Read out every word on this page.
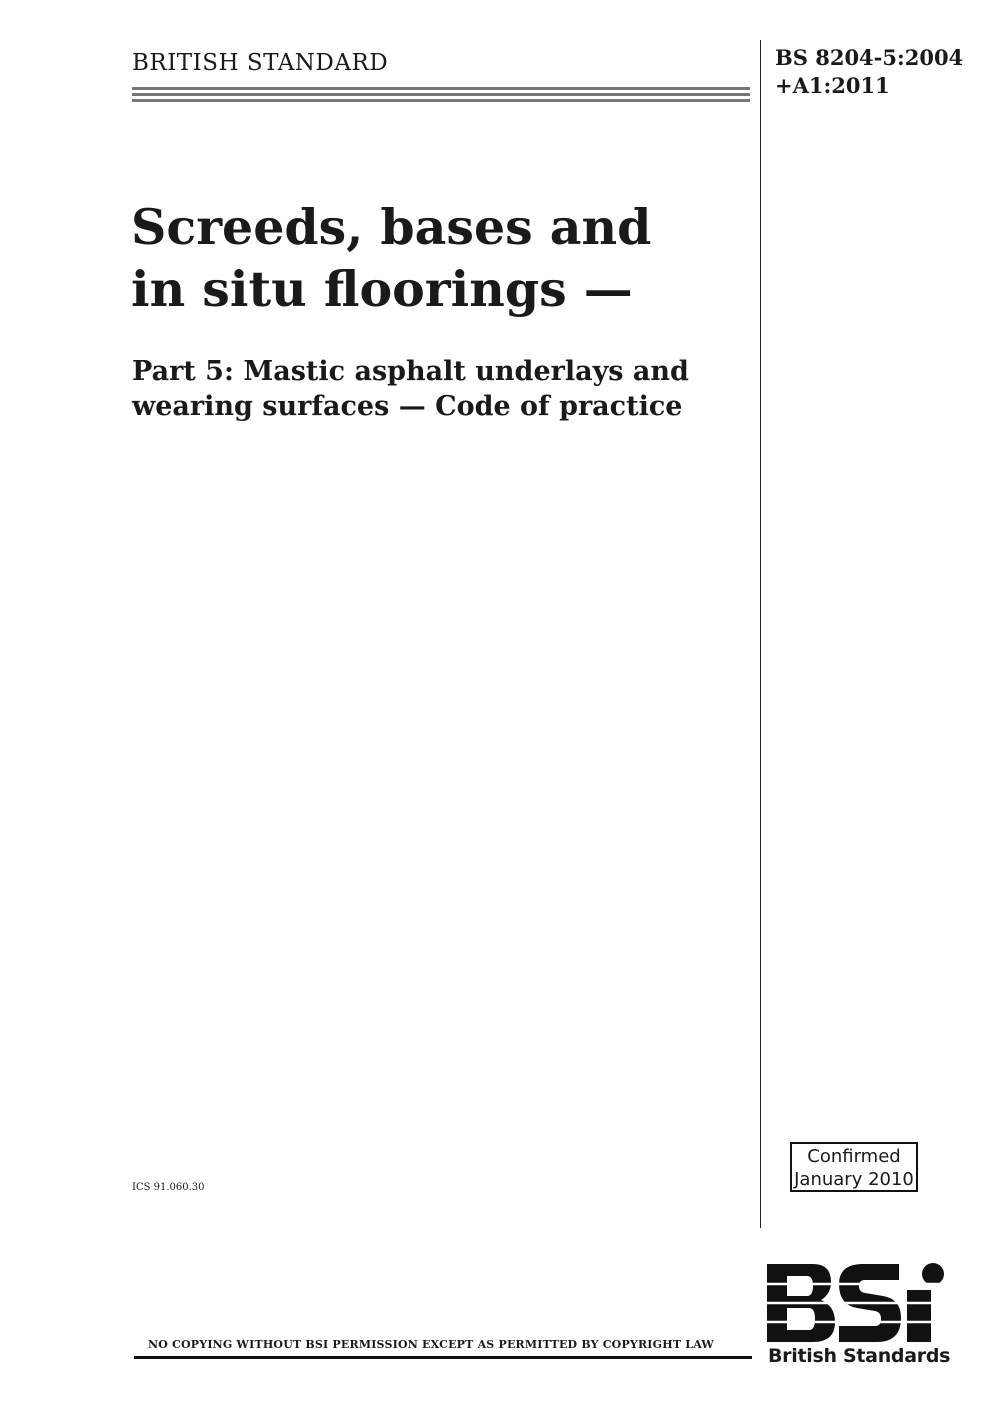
BRITISH STANDARD	BS 8204-5:2004
+A1:2011
Screeds, bases and
in situ floorings —
Part 5: Mastic asphalt underlays and
wearing surfaces — Code of practice
ICS 91.060.30
Confirmed
January 2010
British Standards
NO COPYING WITHOUT BSI PERMISSION EXCEPT AS PERMITTED BY COPYRIGHT LAW
